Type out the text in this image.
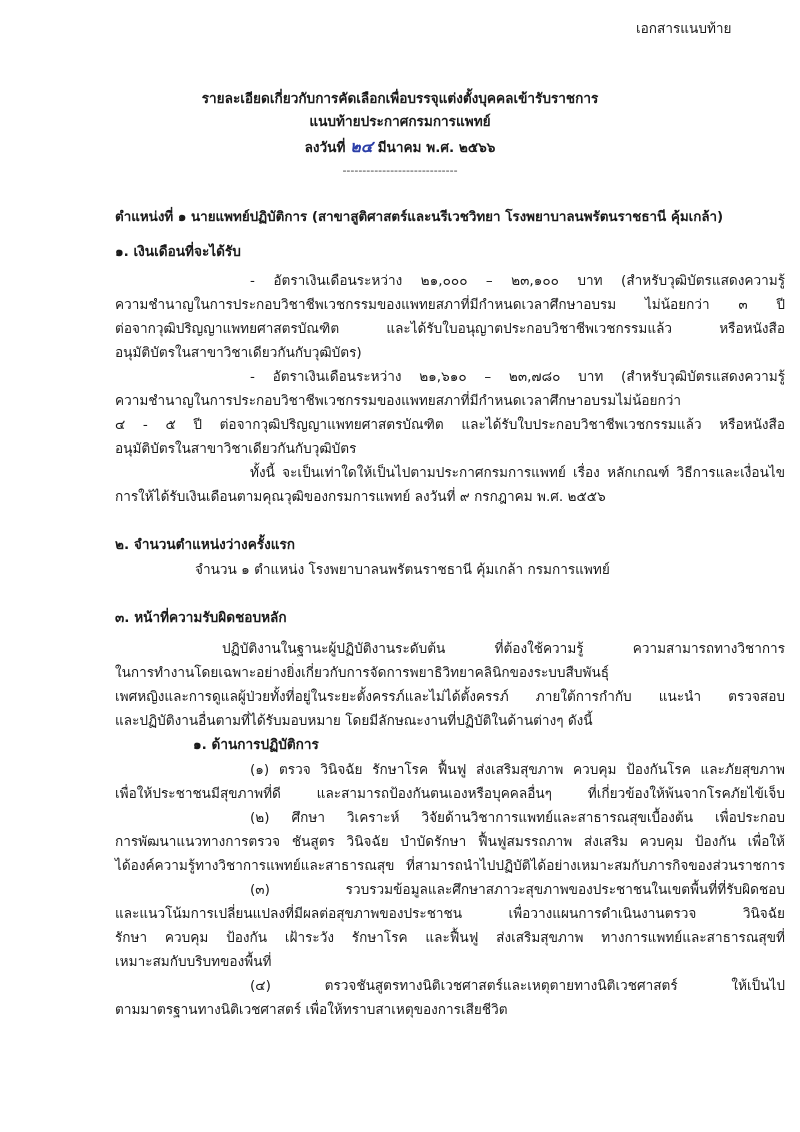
เอกสารแนบท้าย
รายละเอียดเกี่ยวกับการคัดเลือกเพื่อบรรจุแต่งตั้งบุคคลเข้ารับราชการ
แนบท้ายประกาศกรมการแพทย์
ลงวันที่ ๒๔ มีนาคม พ.ศ. ๒๕๖๖
-----------------------------
ตำแหน่งที่ ๑ นายแพทย์ปฏิบัติการ (สาขาสูติศาสตร์และนรีเวชวิทยา โรงพยาบาลนพรัตนราชธานี คุ้มเกล้า)
๑. เงินเดือนที่จะได้รับ
- อัตราเงินเดือนระหว่าง ๒๑,๐๐๐ – ๒๓,๑๐๐ บาท (สำหรับวุฒิบัตรแสดงความรู้
ความชำนาญในการประกอบวิชาชีพเวชกรรมของแพทยสภาที่มีกำหนดเวลาศึกษาอบรม ไม่น้อยกว่า ๓ ปี
ต่อจากวุฒิปริญญาแพทยศาสตรบัณฑิต และได้รับใบอนุญาตประกอบวิชาชีพเวชกรรมแล้ว หรือหนังสือ
อนุมัติบัตรในสาขาวิชาเดียวกันกับวุฒิบัตร)
- อัตราเงินเดือนระหว่าง ๒๑,๖๑๐ – ๒๓,๗๘๐ บาท (สำหรับวุฒิบัตรแสดงความรู้
ความชำนาญในการประกอบวิชาชีพเวชกรรมของแพทยสภาที่มีกำหนดเวลาศึกษาอบรมไม่น้อยกว่า
๔ - ๕ ปี ต่อจากวุฒิปริญญาแพทยศาสตรบัณฑิต และได้รับใบประกอบวิชาชีพเวชกรรมแล้ว หรือหนังสือ
อนุมัติบัตรในสาขาวิชาเดียวกันกับวุฒิบัตร
ทั้งนี้ จะเป็นเท่าใดให้เป็นไปตามประกาศกรมการแพทย์ เรื่อง หลักเกณฑ์ วิธีการและเงื่อนไข
การให้ได้รับเงินเดือนตามคุณวุฒิของกรมการแพทย์ ลงวันที่ ๙ กรกฎาคม พ.ศ. ๒๕๕๖
๒. จำนวนตำแหน่งว่างครั้งแรก
จำนวน ๑ ตำแหน่ง โรงพยาบาลนพรัตนราชธานี คุ้มเกล้า กรมการแพทย์
๓. หน้าที่ความรับผิดชอบหลัก
ปฏิบัติงานในฐานะผู้ปฏิบัติงานระดับต้น ที่ต้องใช้ความรู้ ความสามารถทางวิชาการ
ในการทำงานโดยเฉพาะอย่างยิ่งเกี่ยวกับการจัดการพยาธิวิทยาคลินิกของระบบสืบพันธุ์
เพศหญิงและการดูแลผู้ป่วยทั้งที่อยู่ในระยะตั้งครรภ์และไม่ได้ตั้งครรภ์ ภายใต้การกำกับ แนะนำ ตรวจสอบ
และปฏิบัติงานอื่นตามที่ได้รับมอบหมาย โดยมีลักษณะงานที่ปฏิบัติในด้านต่างๆ ดังนี้
๑. ด้านการปฏิบัติการ
(๑) ตรวจ วินิจฉัย รักษาโรค ฟื้นฟู ส่งเสริมสุขภาพ ควบคุม ป้องกันโรค และภัยสุขภาพ
เพื่อให้ประชาชนมีสุขภาพที่ดี และสามารถป้องกันตนเองหรือบุคคลอื่นๆ ที่เกี่ยวข้องให้พ้นจากโรคภัยไข้เจ็บ
(๒) ศึกษา วิเคราะห์ วิจัยด้านวิชาการแพทย์และสาธารณสุขเบื้องต้น เพื่อประกอบ
การพัฒนาแนวทางการตรวจ ชันสูตร วินิจฉัย บำบัดรักษา ฟื้นฟูสมรรถภาพ ส่งเสริม ควบคุม ป้องกัน เพื่อให้
ได้องค์ความรู้ทางวิชาการแพทย์และสาธารณสุข ที่สามารถนำไปปฏิบัติได้อย่างเหมาะสมกับภารกิจของส่วนราชการ
(๓) รวบรวมข้อมูลและศึกษาสภาวะสุขภาพของประชาชนในเขตพื้นที่ที่รับผิดชอบ
และแนวโน้มการเปลี่ยนแปลงที่มีผลต่อสุขภาพของประชาชน เพื่อวางแผนการดำเนินงานตรวจ วินิจฉัย
รักษา ควบคุม ป้องกัน เฝ้าระวัง รักษาโรค และฟื้นฟู ส่งเสริมสุขภาพ ทางการแพทย์และสาธารณสุขที่
เหมาะสมกับบริบทของพื้นที่
(๔) ตรวจชันสูตรทางนิติเวชศาสตร์และเหตุตายทางนิติเวชศาสตร์ ให้เป็นไป
ตามมาตรฐานทางนิติเวชศาสตร์ เพื่อให้ทราบสาเหตุของการเสียชีวิต
